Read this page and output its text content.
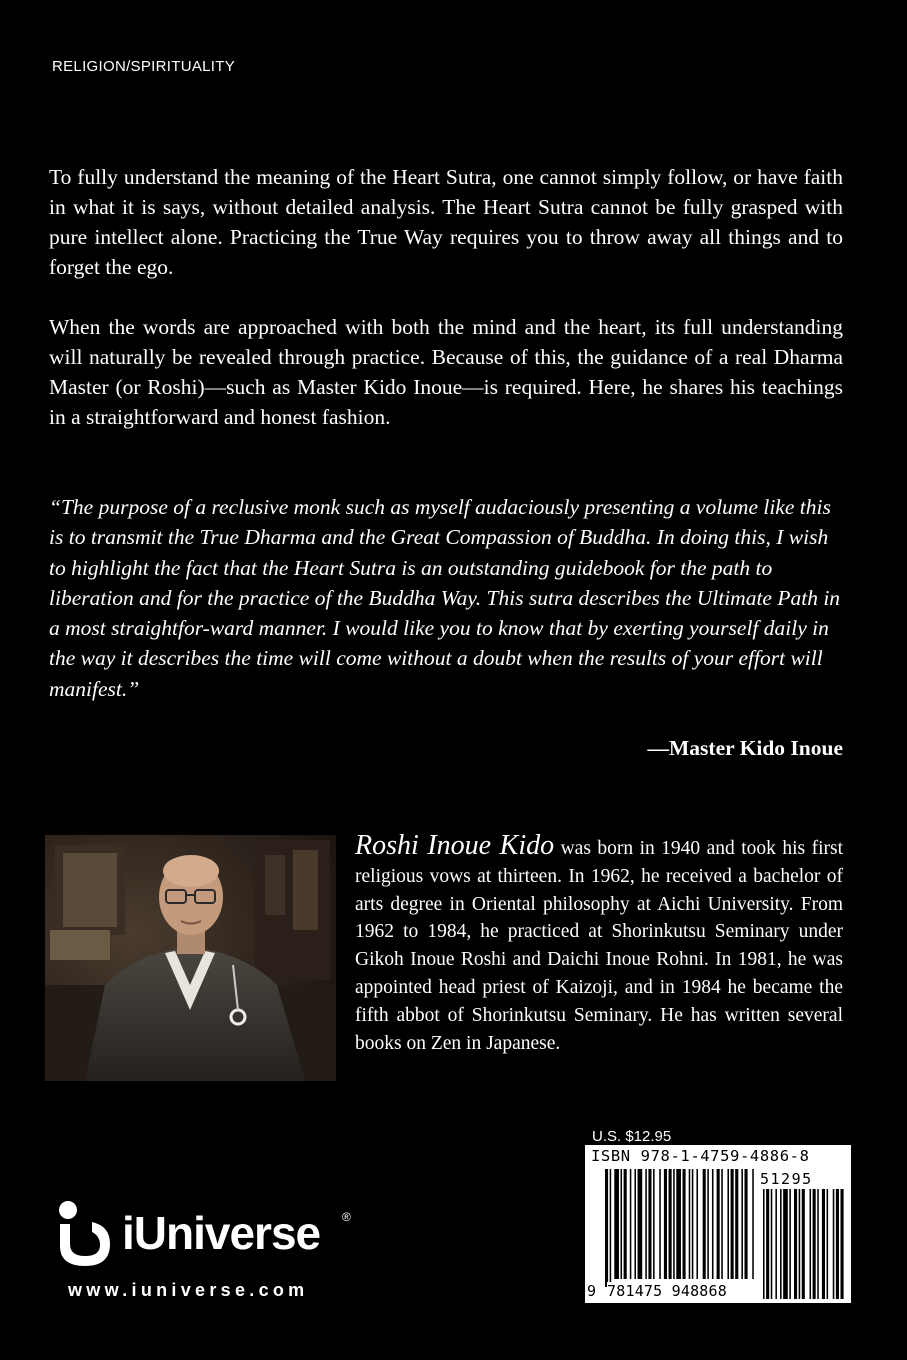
RELIGION/SPIRITUALITY
To fully understand the meaning of the Heart Sutra, one cannot simply follow, or have faith in what it is says, without detailed analysis. The Heart Sutra cannot be fully grasped with pure intellect alone. Practicing the True Way requires you to throw away all things and to forget the ego.
When the words are approached with both the mind and the heart, its full understanding will naturally be revealed through practice. Because of this, the guidance of a real Dharma Master (or Roshi)—such as Master Kido Inoue—is required. Here, he shares his teachings in a straightforward and honest fashion.
“The purpose of a reclusive monk such as myself audaciously presenting a volume like this is to transmit the True Dharma and the Great Compassion of Buddha. In doing this, I wish to highlight the fact that the Heart Sutra is an outstanding guidebook for the path to liberation and for the practice of the Buddha Way. This sutra describes the Ultimate Path in a most straightfor-ward manner. I would like you to know that by exerting yourself daily in the way it describes the time will come without a doubt when the results of your effort will manifest.”
—Master Kido Inoue
Roshi Inoue Kido was born in 1940 and took his first religious vows at thirteen. In 1962, he received a bachelor of arts degree in Oriental philosophy at Aichi University. From 1962 to 1984, he practiced at Shorinkutsu Seminary under Gikoh Inoue Roshi and Daichi Inoue Rohni. In 1981, he was appointed head priest of Kaizoji, and in 1984 he became the fifth abbot of Shorinkutsu Seminary. He has written several books on Zen in Japanese.
iUniverse ®
www.iuniverse.com
U.S. $12.95
ISBN 978-1-4759-4886-8
51295
9 781475 948868
